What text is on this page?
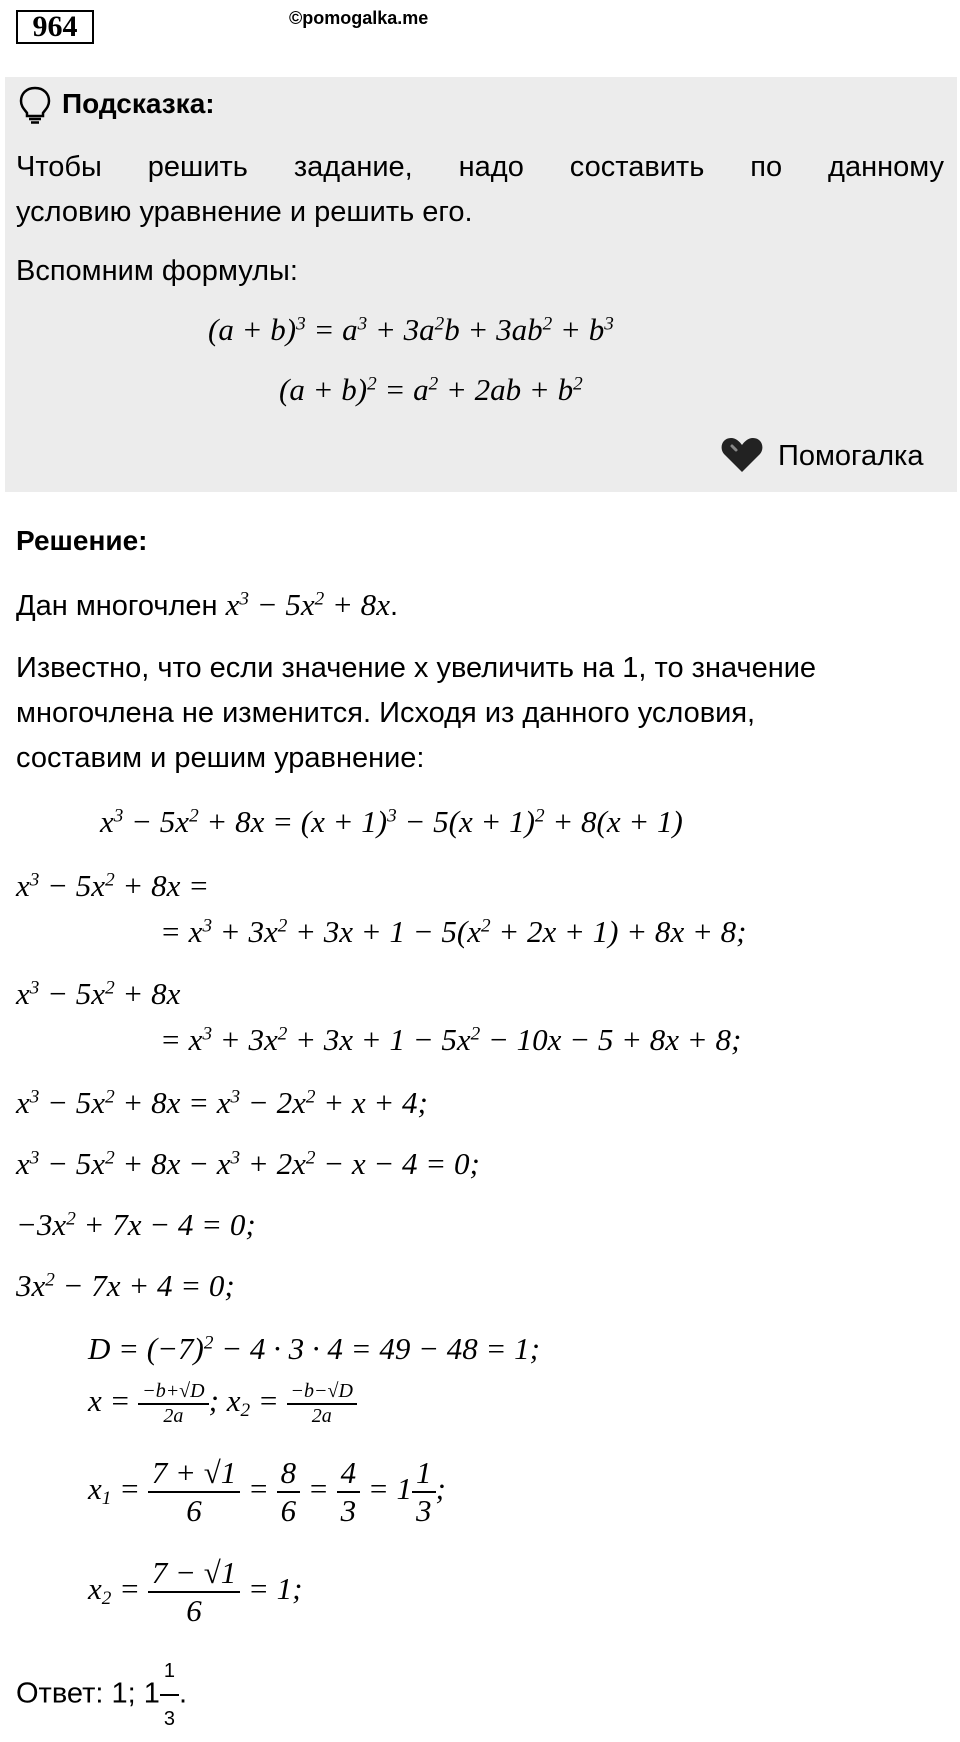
964	©pomogalka.me
Подсказка:
Чтобы решить задание, надо составить по данному
условию уравнение и решить его.
Вспомним формулы:
$(a + b)^3 = a^3 + 3a^2b + 3ab^2 + b^3$
$(a + b)^2 = a^2 + 2ab + b^2$
Помогалка
Решение:
Дан многочлен $x^3 - 5x^2 + 8x$.
Известно, что если значение х увеличить на 1, то значение
многочлена не изменится. Исходя из данного условия,
составим и решим уравнение:
$x^3 - 5x^2 + 8x = (x + 1)^3 - 5(x + 1)^2 + 8(x + 1)$
$x^3 - 5x^2 + 8x$ =
= $x^3 + 3x^2 + 3x + 1 - 5(x^2 + 2x + 1) + 8x + 8$;
$x^3 - 5x^2 + 8x$
= $x^3 + 3x^2 + 3x + 1 - 5x^2 - 10x - 5 + 8x + 8$;
$x^3 - 5x^2 + 8x = x^3 - 2x^2 + x + 4$;
$x^3 - 5x^2 + 8x - x^3 + 2x^2 - x - 4 = 0$;
$-3x^2 + 7x - 4 = 0$;
$3x^2 - 7x + 4 = 0$;
$D = (-7)^2 - 4 \cdot 3 \cdot 4 = 49 - 48 = 1$;
$x = \frac{-b+√D}{2a}$ ; $x_2 = \frac{-b-√D}{2a}$
$x_1 = \frac{7 + √1}{6} = \frac{8}{6} = \frac{4}{3} = 1 \frac{1}{3}$ ;
$x_2 = \frac{7 - √1}{6} = 1$;
Ответ: 1; $1 \frac{1}{3}$ .
